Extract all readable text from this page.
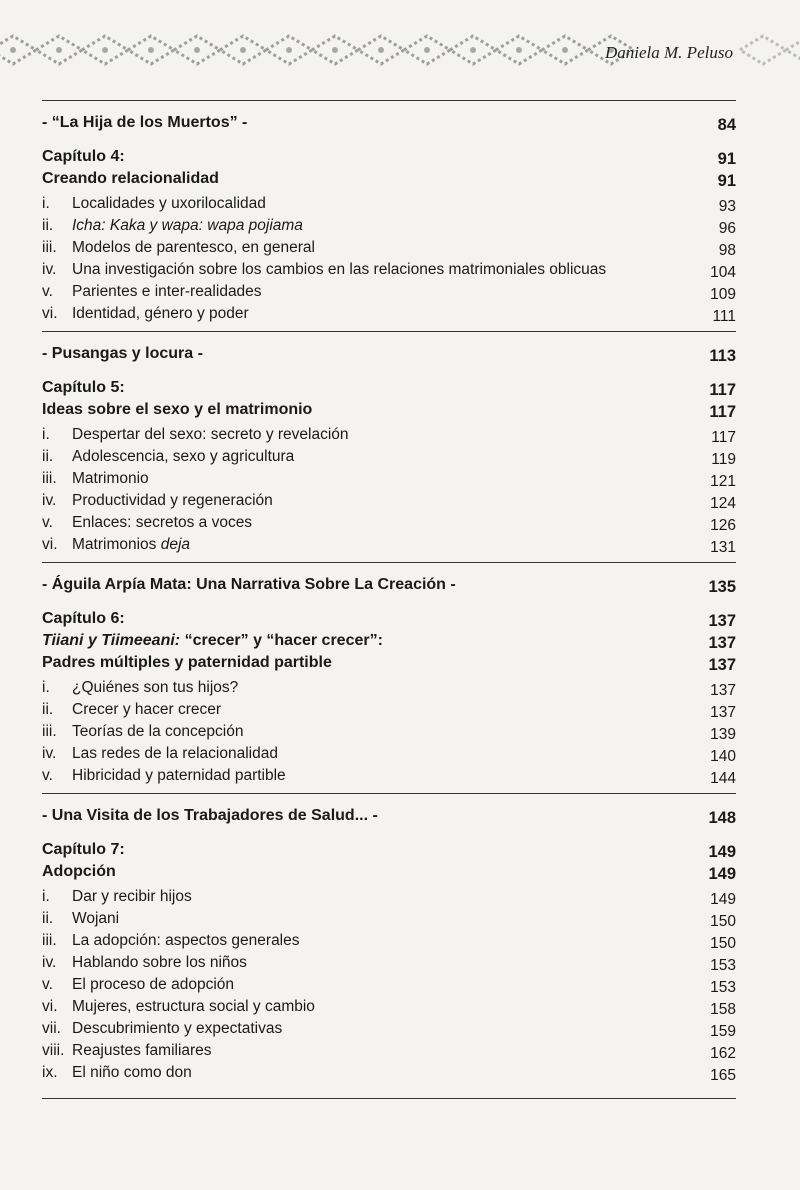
Daniela M. Peluso
- “La Hija de los Muertos” -	84
Capítulo 4:	91
Creando relacionalidad	91
i.	Localidades y uxorilocalidad	93
ii.	Icha: Kaka y wapa: wapa pojiama	96
iii. Modelos de parentesco, en general	98
iv.	Una investigación sobre los cambios en las relaciones matrimoniales oblicuas	104
v.	Parientes e inter-realidades	109
vi. Identidad, género y poder	111
- Pusangas y locura -	113
Capítulo 5:	117
Ideas sobre el sexo y el matrimonio	117
i.	Despertar del sexo: secreto y revelación	117
ii.	Adolescencia, sexo y agricultura	119
iii. Matrimonio	121
iv.	Productividad y regeneración	124
v.	Enlaces: secretos a voces	126
vi. Matrimonios deja	131
- Águila Arpía Mata: Una Narrativa Sobre La Creación -	135
Capítulo 6:	137
Tiiani y Tiimeeani: “crecer” y “hacer crecer”:	137
Padres múltiples y paternidad partible	137
i.	¿Quiénes son tus hijos?	137
ii.	Crecer y hacer crecer	137
iii. Teorías de la concepción	139
iv.	Las redes de la relacionalidad	140
v.	Hibricidad y paternidad partible	144
- Una Visita de los Trabajadores de Salud... -	148
Capítulo 7:	149
Adopción	149
i.	Dar y recibir hijos	149
ii.	Wojani	150
iii. La adopción: aspectos generales	150
iv.	Hablando sobre los niños	153
v.	El proceso de adopción	153
vi. Mujeres, estructura social y cambio	158
vii. Descubrimiento y expectativas	159
viii. Reajustes familiares	162
ix. El niño como don	165
